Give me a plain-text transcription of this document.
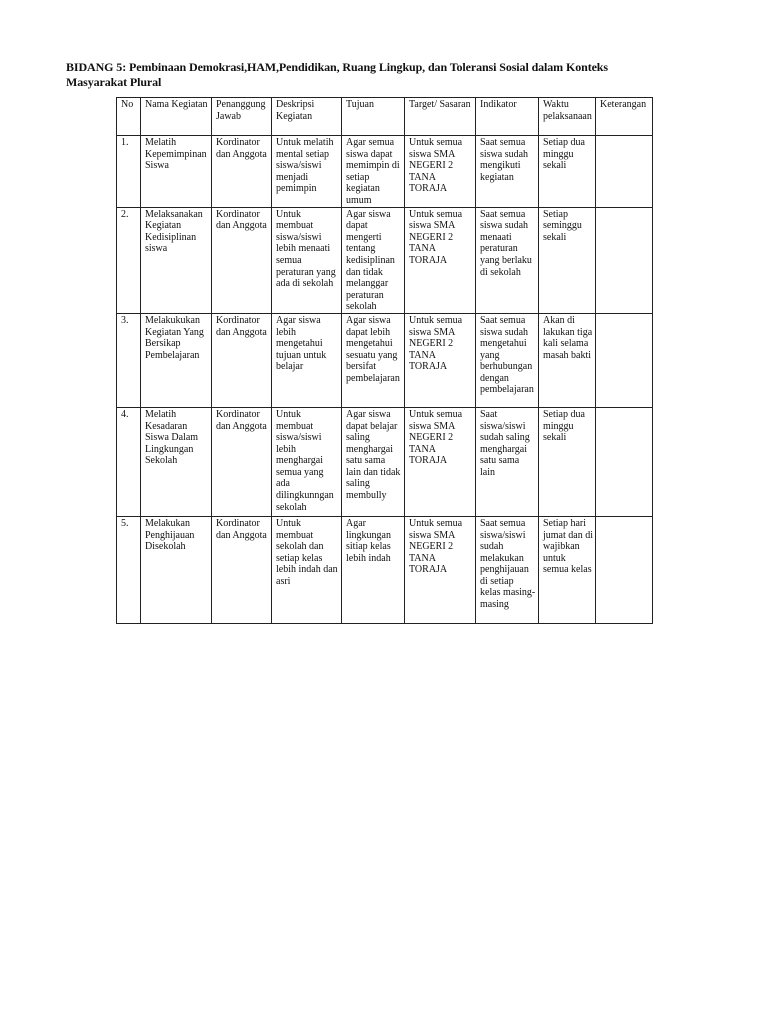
BIDANG 5: Pembinaan Demokrasi,HAM,Pendidikan, Ruang Lingkup, dan Toleransi Sosial dalam Konteks
Masyarakat Plural
No	Nama Kegiatan	Penanggung Jawab	Deskripsi Kegiatan	Tujuan	Target/ Sasaran	Indikator	Waktu pelaksanaan	Keterangan
1.	Melatih Kepemimpinan Siswa	Kordinator dan Anggota	Untuk melatih mental setiap siswa/siswi menjadi pemimpin	Agar semua siswa dapat memimpin di setiap kegiatan umum	Untuk semua siswa SMA NEGERI 2 TANA TORAJA	Saat semua siswa sudah mengikuti kegiatan	Setiap dua minggu sekali	
2.	Melaksanakan Kegiatan Kedisiplinan siswa	Kordinator dan Anggota	Untuk membuat siswa/siswi lebih menaati semua peraturan yang ada di sekolah	Agar siswa dapat mengerti tentang kedisiplinan dan tidak melanggar peraturan sekolah	Untuk semua siswa SMA NEGERI 2 TANA TORAJA	Saat semua siswa sudah menaati peraturan yang berlaku di sekolah	Setiap seminggu sekali	
3.	Melakukukan Kegiatan Yang Bersikap Pembelajaran	Kordinator dan Anggota	Agar siswa lebih mengetahui tujuan untuk belajar	Agar siswa dapat lebih mengetahui sesuatu yang bersifat pembelajaran	Untuk semua siswa SMA NEGERI 2 TANA TORAJA	Saat semua siswa sudah mengetahui yang berhubungan dengan pembelajaran	Akan di lakukan tiga kali selama masah bakti	
4.	Melatih Kesadaran Siswa Dalam Lingkungan Sekolah	Kordinator dan Anggota	Untuk membuat siswa/siswi lebih menghargai semua yang ada dilingkunngan sekolah	Agar siswa dapat belajar saling menghargai satu sama lain dan tidak saling membully	Untuk semua siswa SMA NEGERI 2 TANA TORAJA	Saat siswa/siswi sudah saling menghargai satu sama lain	Setiap dua minggu sekali	
5.	Melakukan Penghijauan Disekolah	Kordinator dan Anggota	Untuk membuat sekolah dan setiap kelas lebih indah dan asri	Agar lingkungan sitiap kelas lebih indah	Untuk semua siswa SMA NEGERI 2 TANA TORAJA	Saat semua siswa/siswi sudah melakukan penghijauan di setiap kelas masing-masing	Setiap hari jumat dan di wajibkan untuk semua kelas	
